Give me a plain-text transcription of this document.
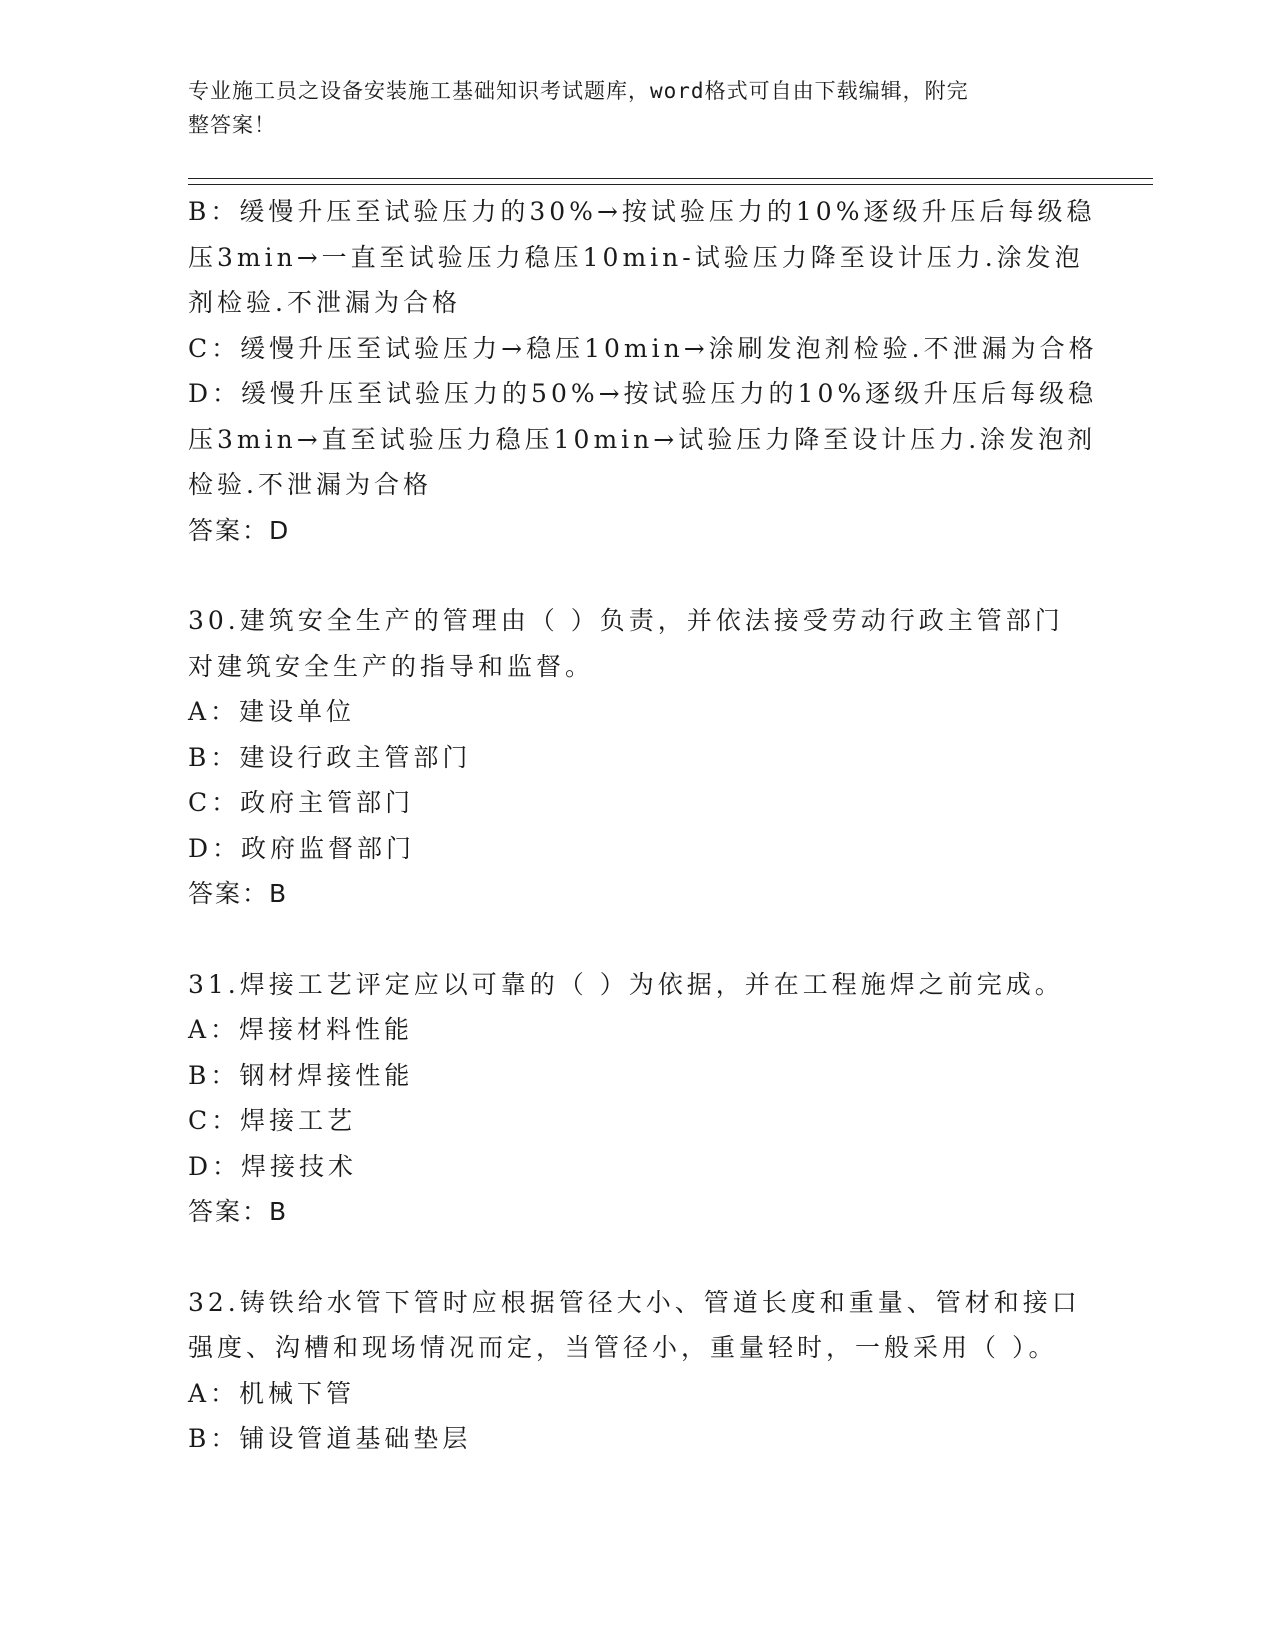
专业施工员之设备安装施工基础知识考试题库，word格式可自由下载编辑，附完
整答案！
B：缓慢升压至试验压力的30%→按试验压力的10%逐级升压后每级稳
压3min→一直至试验压力稳压10min-试验压力降至设计压力.涂发泡
剂检验.不泄漏为合格
C：缓慢升压至试验压力→稳压10min→涂刷发泡剂检验.不泄漏为合格
D：缓慢升压至试验压力的50%→按试验压力的10%逐级升压后每级稳
压3min→直至试验压力稳压10min→试验压力降至设计压力.涂发泡剂
检验.不泄漏为合格
答案：D
30.建筑安全生产的管理由（ ）负责，并依法接受劳动行政主管部门
对建筑安全生产的指导和监督。
A：建设单位
B：建设行政主管部门
C：政府主管部门
D：政府监督部门
答案：B
31.焊接工艺评定应以可靠的（ ）为依据，并在工程施焊之前完成。
A：焊接材料性能
B：钢材焊接性能
C：焊接工艺
D：焊接技术
答案：B
32.铸铁给水管下管时应根据管径大小、管道长度和重量、管材和接口
强度、沟槽和现场情况而定，当管径小，重量轻时，一般采用（ ）。
A：机械下管
B：铺设管道基础垫层
